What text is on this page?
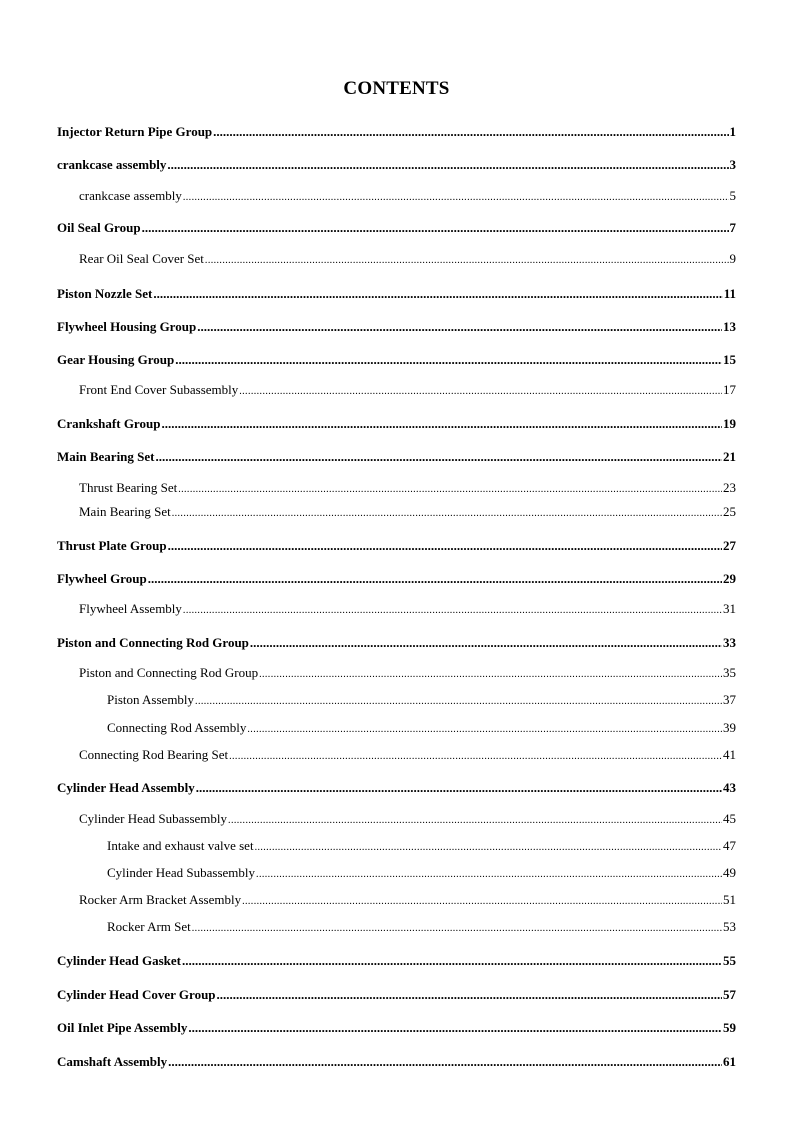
CONTENTS
Injector Return Pipe Group .....	1
crankcase assembly .....	3
crankcase assembly .....	5
Oil Seal Group .....	7
Rear Oil Seal Cover Set .....	9
Piston Nozzle Set .....	11
Flywheel Housing Group .....	13
Gear Housing Group .....	15
Front End Cover Subassembly .....	17
Crankshaft Group .....	19
Main Bearing Set .....	21
Thrust Bearing Set .....	23
Main Bearing Set .....	25
Thrust Plate Group .....	27
Flywheel Group .....	29
Flywheel Assembly .....	31
Piston and Connecting Rod Group .....	33
Piston and Connecting Rod Group .....	35
Piston Assembly .....	37
Connecting Rod Assembly .....	39
Connecting Rod Bearing Set .....	41
Cylinder Head Assembly .....	43
Cylinder Head Subassembly .....	45
Intake and exhaust valve set .....	47
Cylinder Head Subassembly .....	49
Rocker Arm Bracket Assembly .....	51
Rocker Arm Set .....	53
Cylinder Head Gasket .....	55
Cylinder Head Cover Group .....	57
Oil Inlet Pipe Assembly .....	59
Camshaft Assembly .....	61
